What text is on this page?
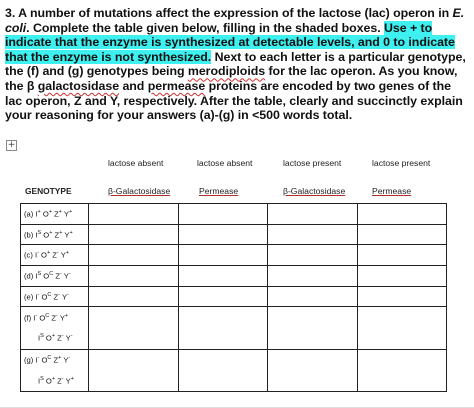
3. A number of mutations affect the expression of the lactose (lac) operon in E. coli. Complete the table given below, filling in the shaded boxes. Use + to indicate that the enzyme is synthesized at detectable levels, and 0 to indicate that the enzyme is not synthesized. Next to each letter is a particular genotype, the (f) and (g) genotypes being merodiploids for the lac operon. As you know, the β galactosidase and permease proteins are encoded by two genes of the lac operon, Z and Y, respectively. After the table, clearly and succinctly explain your reasoning for your answers (a)-(g) in <500 words total.

+
lactose absent	lactose absent	lactose present	lactose present
GENOTYPE	β-Galactosidase	Permease	β-Galactosidase	Permease
(a) I+ O+ Z+ Y+				
(b) $I^S$ O+ Z+ Y+				
(c) I- O+ Z- Y+				
(d) $I^S$ $O^C$ Z- Y-				
(e) I- $O^C$ Z- Y-				
(f) I- $O^C$ Z- Y+				
$I^S$ O+ Z- Y-
(g) I- $O^C$ Z+ Y-				
$I^S$ O+ Z- Y+
